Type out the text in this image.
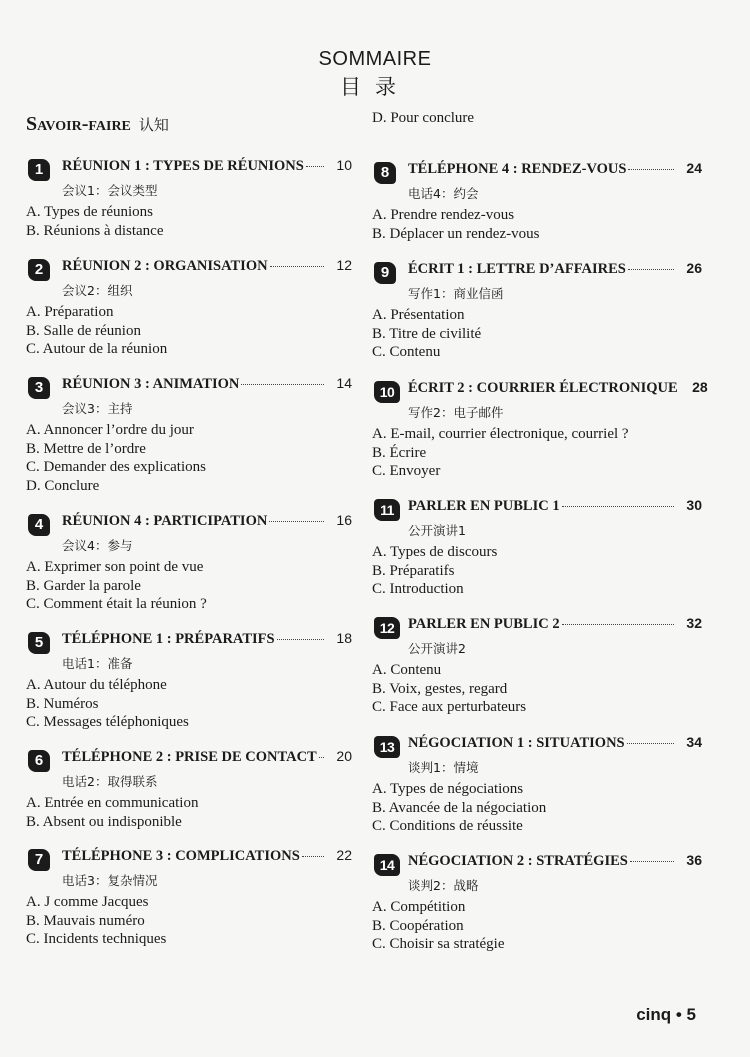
SOMMAIRE
目录
Savoir-faire 认知
1	RÉUNION 1 : TYPES DE RÉUNIONS	10
会议1：会议类型
A. Types de réunions
B. Réunions à distance
2	RÉUNION 2 : ORGANISATION	12
会议2：组织
A. Préparation
B. Salle de réunion
C. Autour de la réunion
3	RÉUNION 3 : ANIMATION	14
会议3：主持
A. Annoncer l’ordre du jour
B. Mettre de l’ordre
C. Demander des explications
D. Conclure
4	RÉUNION 4 : PARTICIPATION	16
会议4：参与
A. Exprimer son point de vue
B. Garder la parole
C. Comment était la réunion ?
5	TÉLÉPHONE 1 : PRÉPARATIFS	18
电话1：准备
A. Autour du téléphone
B. Numéros
C. Messages téléphoniques
6	TÉLÉPHONE 2 : PRISE DE CONTACT	20
电话2：取得联系
A. Entrée en communication
B. Absent ou indisponible
7	TÉLÉPHONE 3 : COMPLICATIONS	22
电话3：复杂情况
A. J comme Jacques
B. Mauvais numéro
C. Incidents techniques
D. Pour conclure
8	TÉLÉPHONE 4 : RENDEZ-VOUS	24
电话4：约会
A. Prendre rendez-vous
B. Déplacer un rendez-vous
9	ÉCRIT 1 : LETTRE D’AFFAIRES	26
写作1：商业信函
A. Présentation
B. Titre de civilité
C. Contenu
10 ÉCRIT 2 : COURRIER ÉLECTRONIQUE	28
写作2：电子邮件
A. E-mail, courrier électronique, courriel ?
B. Écrire
C. Envoyer
11 PARLER EN PUBLIC 1	30
公开演讲1
A. Types de discours
B. Préparatifs
C. Introduction
12 PARLER EN PUBLIC 2	32
公开演讲2
A. Contenu
B. Voix, gestes, regard
C. Face aux perturbateurs
13 NÉGOCIATION 1 : SITUATIONS	34
谈判1：情境
A. Types de négociations
B. Avancée de la négociation
C. Conditions de réussite
14 NÉGOCIATION 2 : STRATÉGIES	36
谈判2：战略
A. Compétition
B. Coopération
C. Choisir sa stratégie
cinq • 5
